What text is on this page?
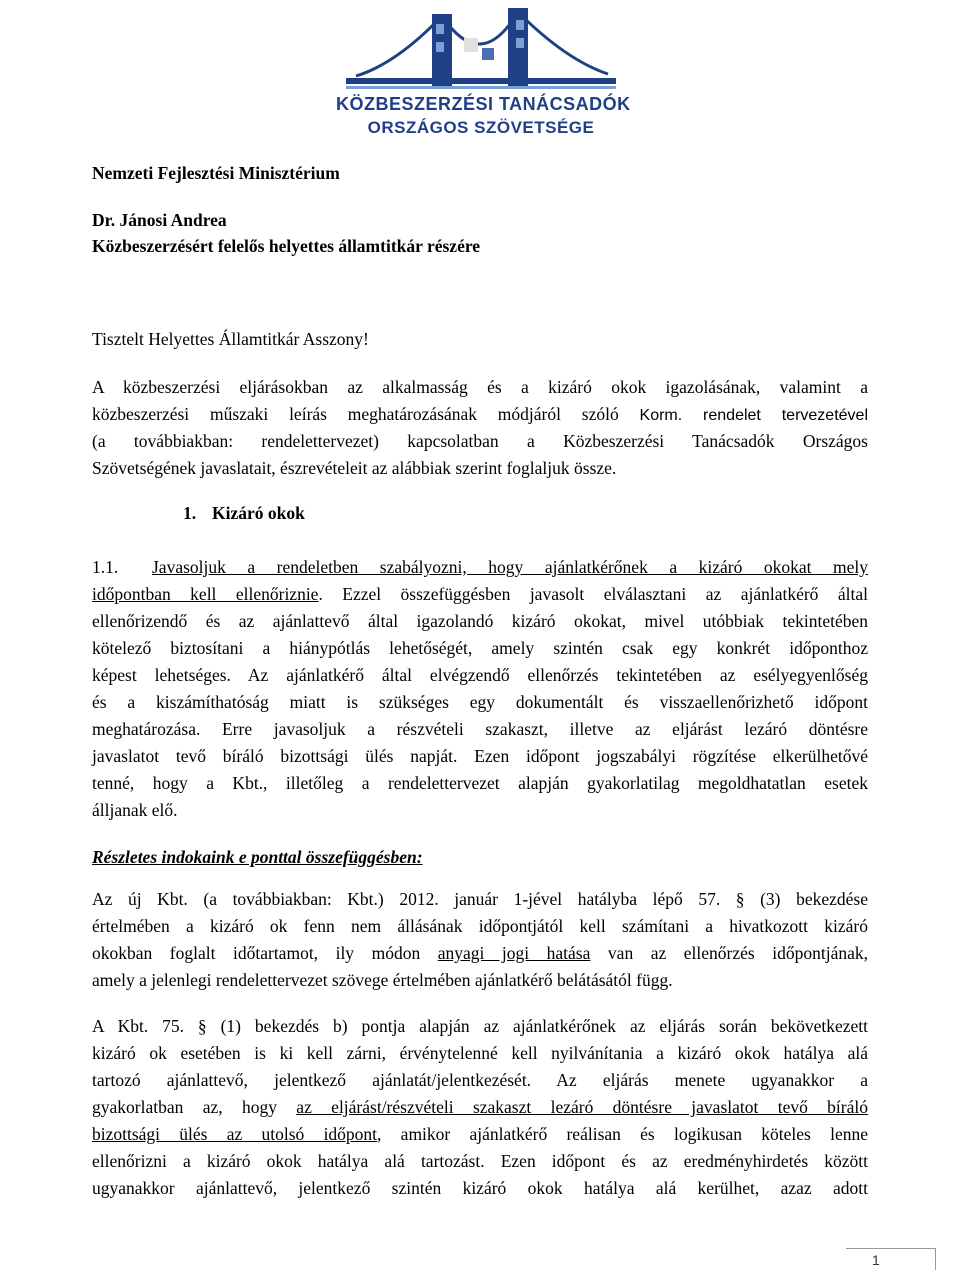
KÖZBESZERZÉSI TANÁCSADÓK
ORSZÁGOS SZÖVETSÉGE
Nemzeti Fejlesztési Minisztérium
Dr. Jánosi Andrea
Közbeszerzésért felelős helyettes államtitkár részére
Tisztelt Helyettes Államtitkár Asszony!
A közbeszerzési eljárásokban az alkalmasság és a kizáró okok igazolásának, valamint a
közbeszerzési műszaki leírás meghatározásának módjáról szóló Korm. rendelet tervezetével
(a továbbiakban: rendelettervezet) kapcsolatban a Közbeszerzési Tanácsadók Országos
Szövetségének javaslatait, észrevételeit az alábbiak szerint foglaljuk össze.
1. Kizáró okok
1.1. Javasoljuk a rendeletben szabályozni, hogy ajánlatkérőnek a kizáró okokat mely
időpontban kell ellenőriznie. Ezzel összefüggésben javasolt elválasztani az ajánlatkérő által
ellenőrizendő és az ajánlattevő által igazolandó kizáró okokat, mivel utóbbiak tekintetében
kötelező biztosítani a hiánypótlás lehetőségét, amely szintén csak egy konkrét időponthoz
képest lehetséges. Az ajánlatkérő által elvégzendő ellenőrzés tekintetében az esélyegyenlőség
és a kiszámíthatóság miatt is szükséges egy dokumentált és visszaellenőrizhető időpont
meghatározása. Erre javasoljuk a részvételi szakaszt, illetve az eljárást lezáró döntésre
javaslatot tevő bíráló bizottsági ülés napját. Ezen időpont jogszabályi rögzítése elkerülhetővé
tenné, hogy a Kbt., illetőleg a rendelettervezet alapján gyakorlatilag megoldhatatlan esetek
álljanak elő.
Részletes indokaink e ponttal összefüggésben:
Az új Kbt. (a továbbiakban: Kbt.) 2012. január 1-jével hatályba lépő 57. § (3) bekezdése
értelmében a kizáró ok fenn nem állásának időpontjától kell számítani a hivatkozott kizáró
okokban foglalt időtartamot, ily módon anyagi jogi hatása van az ellenőrzés időpontjának,
amely a jelenlegi rendelettervezet szövege értelmében ajánlatkérő belátásától függ.
A Kbt. 75. § (1) bekezdés b) pontja alapján az ajánlatkérőnek az eljárás során bekövetkezett
kizáró ok esetében is ki kell zárni, érvénytelenné kell nyilvánítania a kizáró okok hatálya alá
tartozó ajánlattevő, jelentkező ajánlatát/jelentkezését. Az eljárás menete ugyanakkor a
gyakorlatban az, hogy az eljárást/részvételi szakaszt lezáró döntésre javaslatot tevő bíráló
bizottsági ülés az utolsó időpont, amikor ajánlatkérő reálisan és logikusan köteles lenne
ellenőrizni a kizáró okok hatálya alá tartozást. Ezen időpont és az eredményhirdetés között
ugyanakkor ajánlattevő, jelentkező szintén kizáró okok hatálya alá kerülhet, azaz adott
1
